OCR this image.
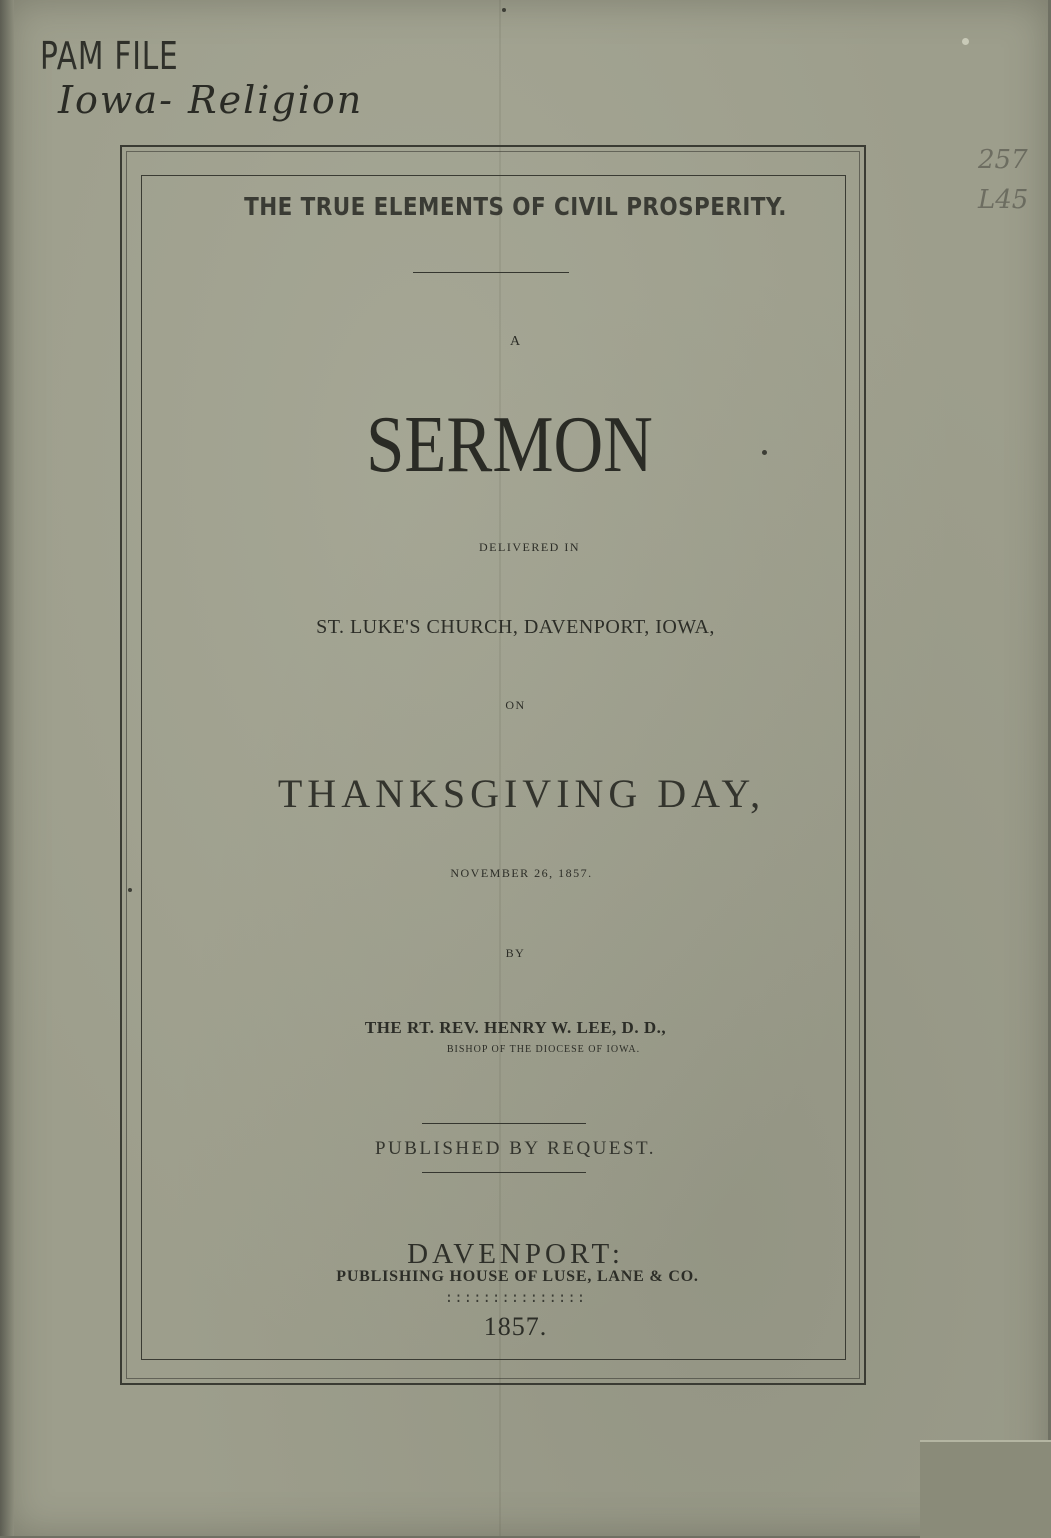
PAM FILE
Iowa- Religion
257
L45
THE TRUE ELEMENTS OF CIVIL PROSPERITY.
A
SERMON
DELIVERED IN
ST. LUKE'S CHURCH, DAVENPORT, IOWA,
ON
THANKSGIVING DAY,
NOVEMBER 26, 1857.
BY
THE RT. REV. HENRY W. LEE, D. D.,
BISHOP OF THE DIOCESE OF IOWA.
PUBLISHED BY REQUEST.
DAVENPORT:
PUBLISHING HOUSE OF LUSE, LANE & CO.
:::::::::::::::
1857.
